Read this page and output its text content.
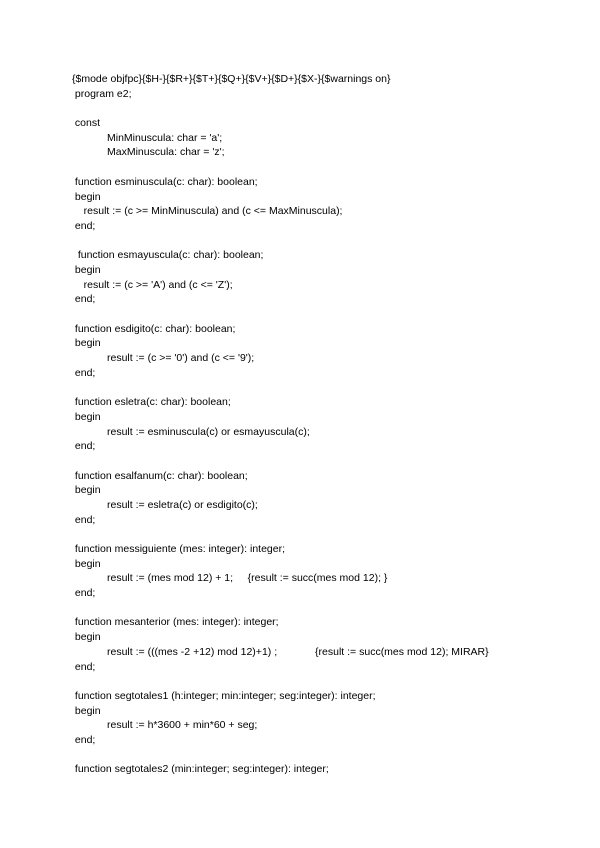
{$mode objfpc}{$H-}{$R+}{$T+}{$Q+}{$V+}{$D+}{$X-}{$warnings on}
program e2;
const
MinMinuscula: char = 'a';
MaxMinuscula: char = 'z';
function esminuscula(c: char): boolean;
begin
result := (c >= MinMinuscula) and (c <= MaxMinuscula);
end;
function esmayuscula(c: char): boolean;
begin
result := (c >= 'A') and (c <= 'Z');
end;
function esdigito(c: char): boolean;
begin
result := (c >= '0') and (c <= '9');
end;
function esletra(c: char): boolean;
begin
result := esminuscula(c) or esmayuscula(c);
end;
function esalfanum(c: char): boolean;
begin
result := esletra(c) or esdigito(c);
end;
function messiguiente (mes: integer): integer;
begin
result := (mes mod 12) + 1;     {result := succ(mes mod 12); }
end;
function mesanterior (mes: integer): integer;
begin
result := (((mes -2 +12) mod 12)+1) ;             {result := succ(mes mod 12); MIRAR}
end;
function segtotales1 (h:integer; min:integer; seg:integer): integer;
begin
result := h*3600 + min*60 + seg;
end;
function segtotales2 (min:integer; seg:integer): integer;
